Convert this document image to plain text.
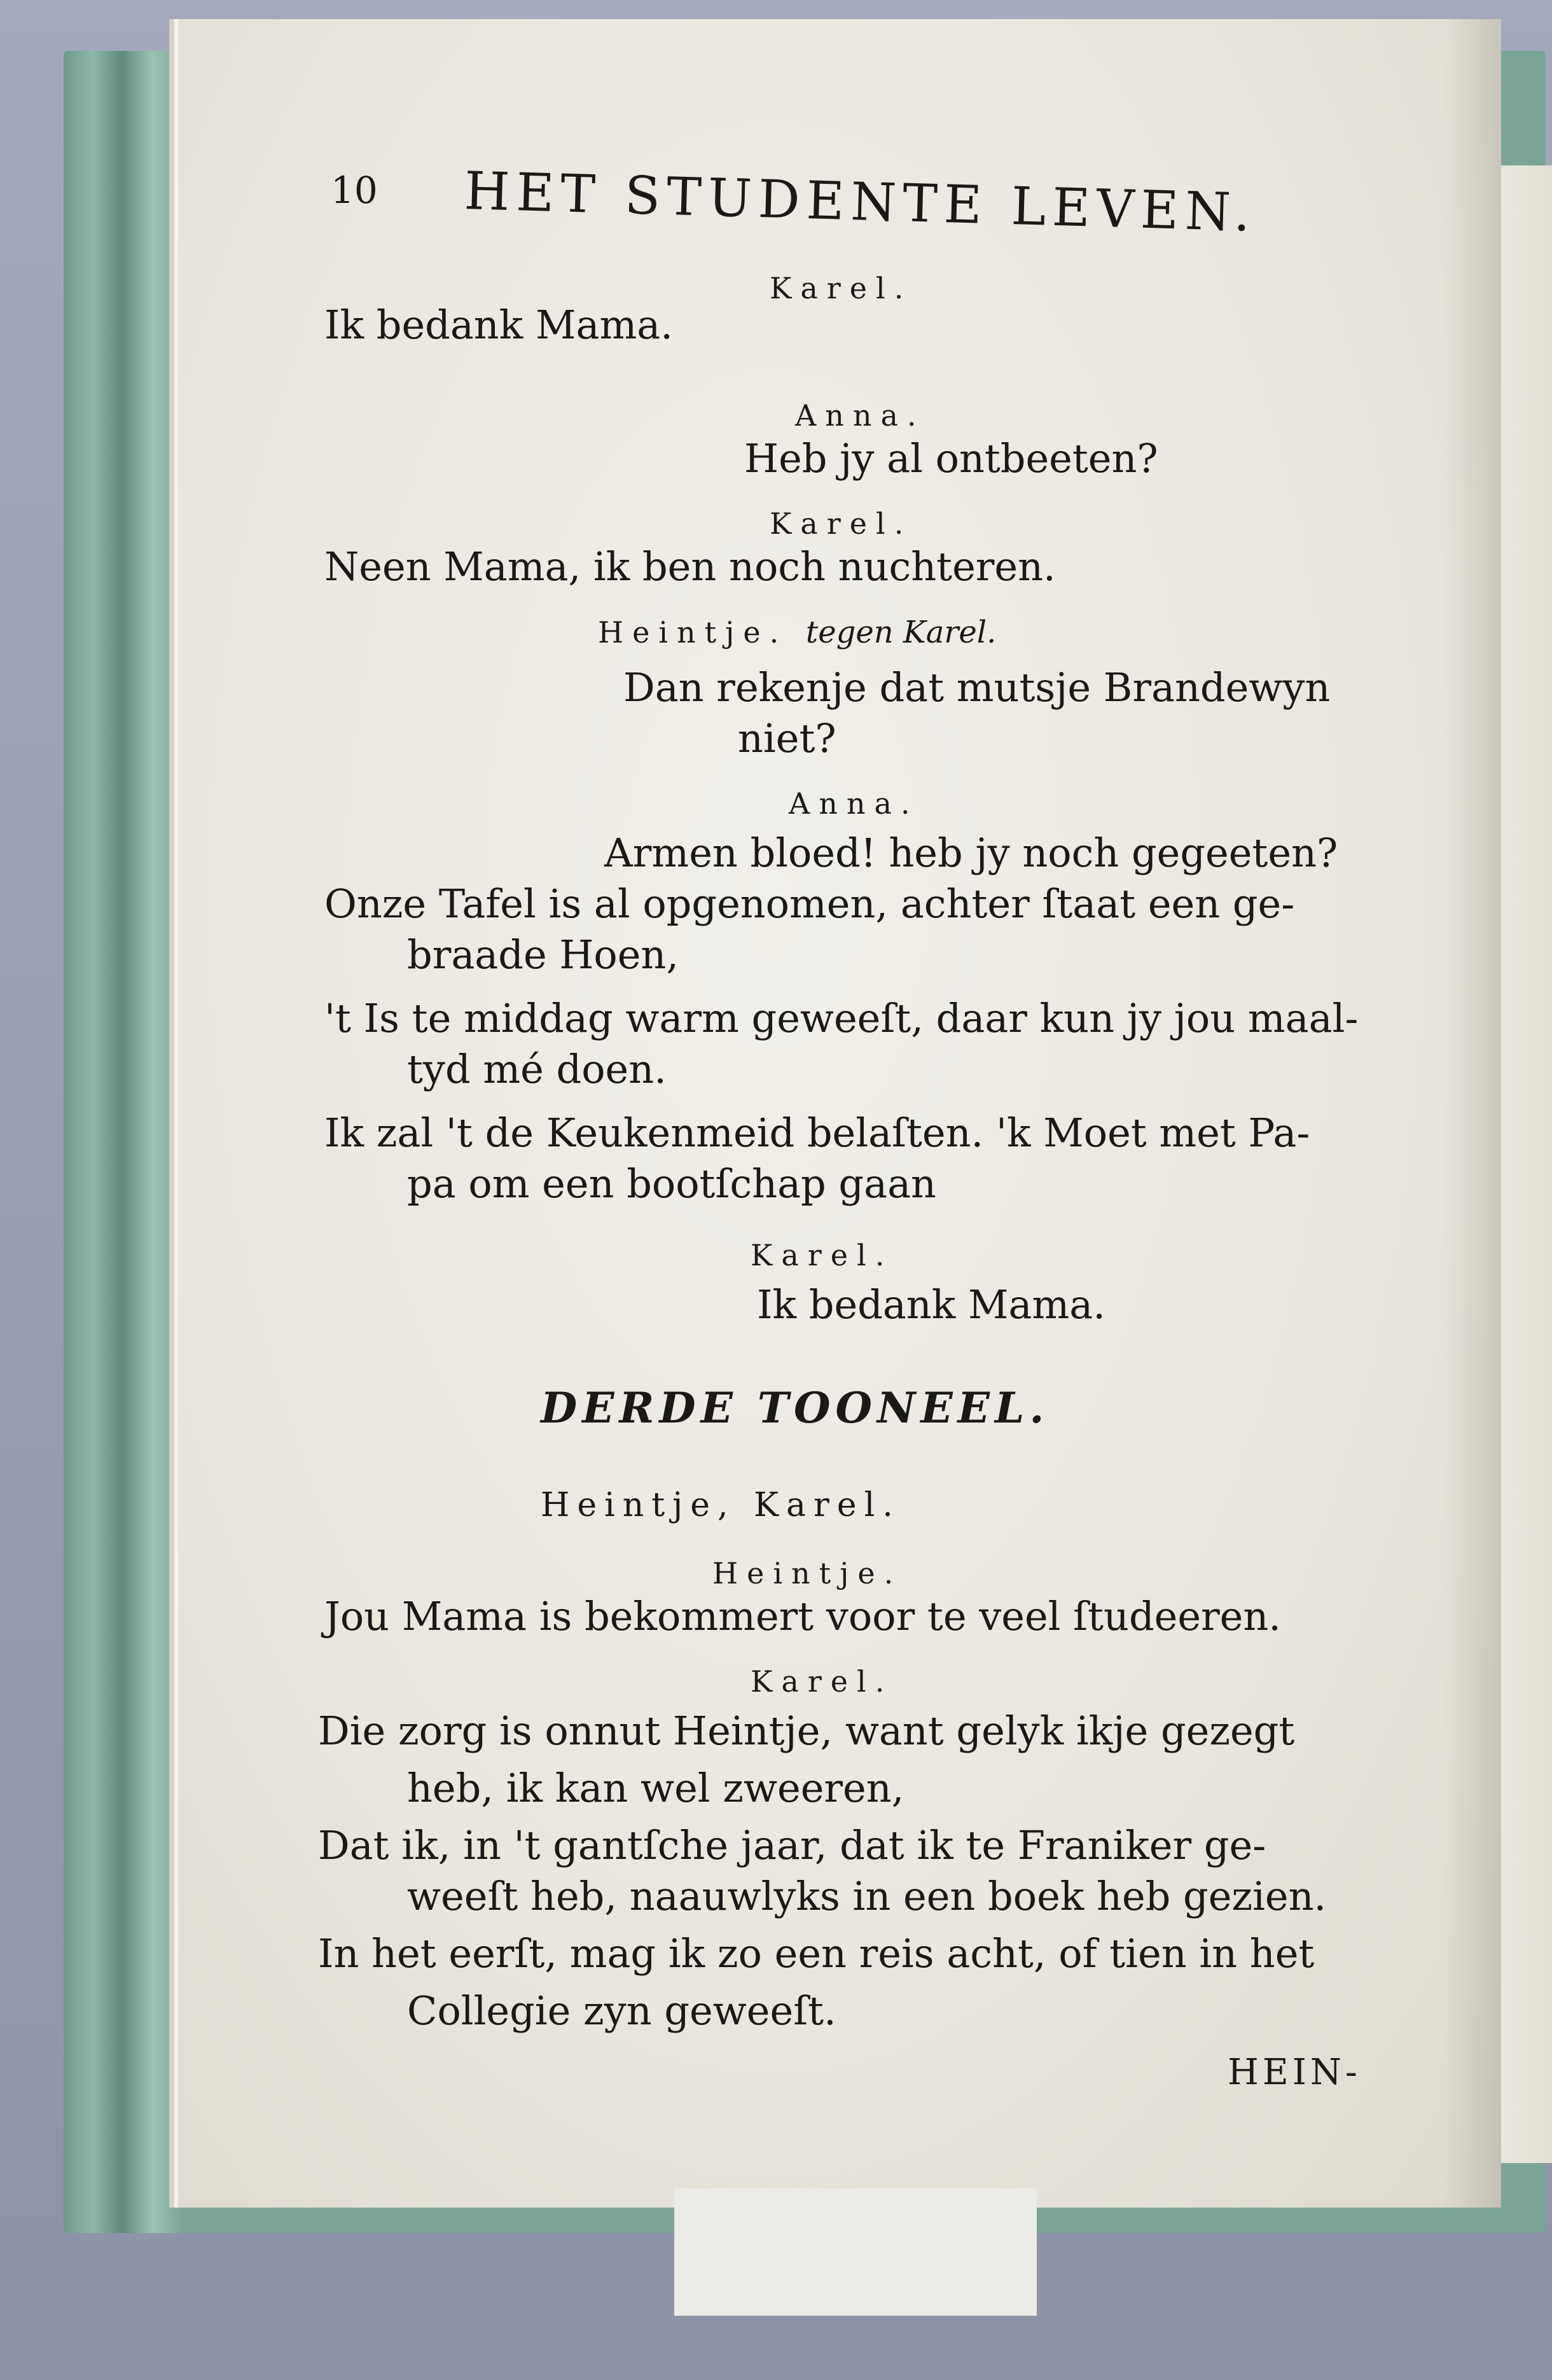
10 HET STUDENTE LEVEN.
Karel.
Ik bedank Mama.
Anna.
Heb jy al ontbeeten?
Karel.
Neen Mama, ik ben noch nuchteren.
Heintje. tegen Karel.
Dan rekenje dat mutsje Brandewyn
niet?
Anna.
Armen bloed! heb jy noch gegeeten?
Onze Tafel is al opgenomen, achter ſtaat een ge-
braade Hoen,
't Is te middag warm geweeſt, daar kun jy jou maal-
tyd mé doen.
Ik zal 't de Keukenmeid belaſten. 'k Moet met Pa-
pa om een bootſchap gaan
Karel.
Ik bedank Mama.
DERDE TOONEEL.
Heintje, Karel.
Heintje.
Jou Mama is bekommert voor te veel ſtudeeren.
Karel.
Die zorg is onnut Heintje, want gelyk ikje gezegt
heb, ik kan wel zweeren,
Dat ik, in 't gantſche jaar, dat ik te Franiker ge-
weeſt heb, naauwlyks in een boek heb gezien.
In het eerſt, mag ik zo een reis acht, of tien in het
Collegie zyn geweeſt.
HEIN-
